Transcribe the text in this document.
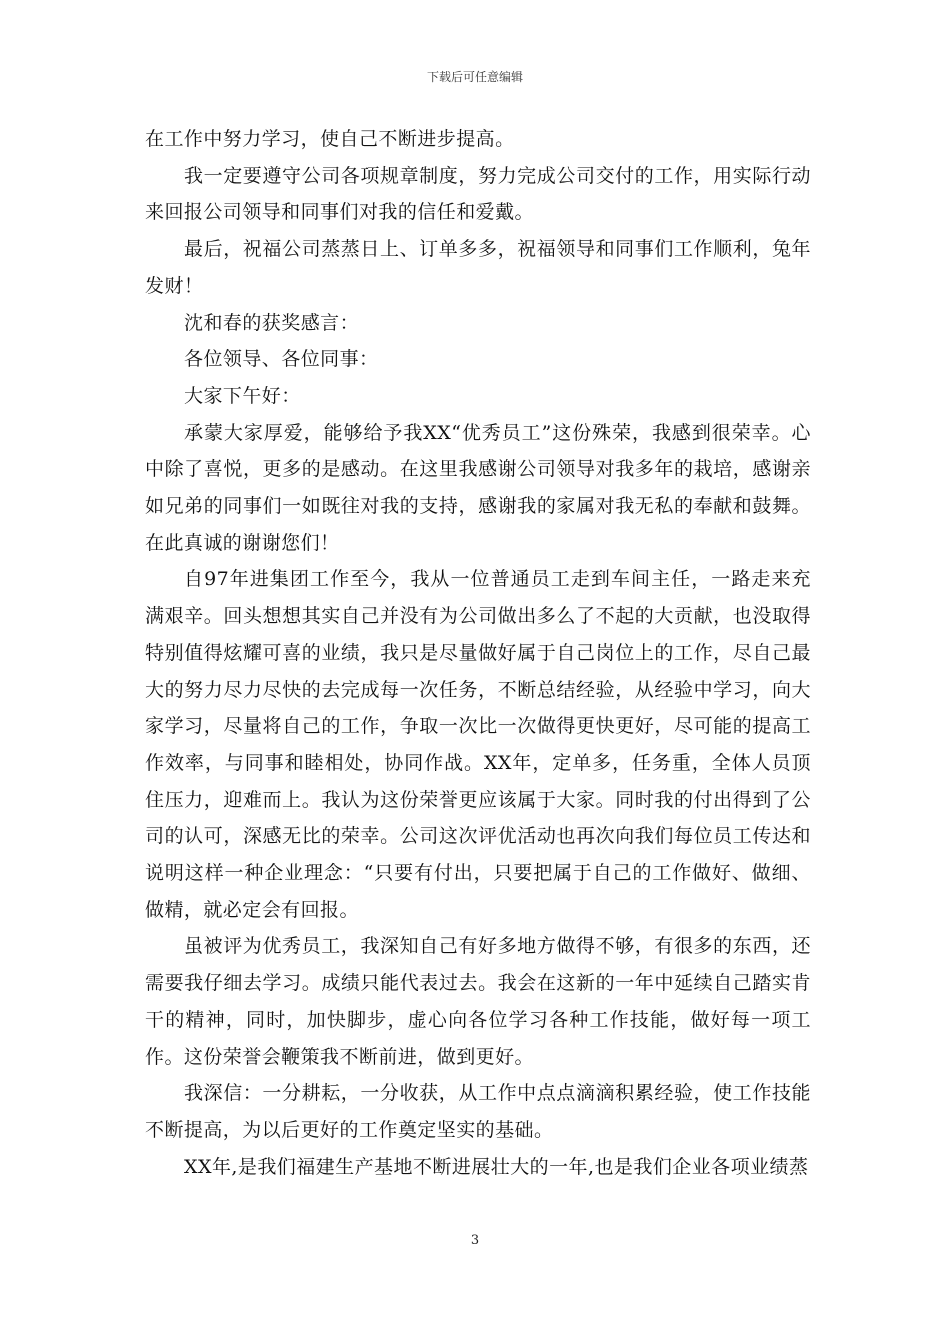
下载后可任意编辑

在工作中努力学习，使自己不断进步提高。

我一定要遵守公司各项规章制度，努力完成公司交付的工作，用实际行动来回报公司领导和同事们对我的信任和爱戴。

最后，祝福公司蒸蒸日上、订单多多，祝福领导和同事们工作顺利，兔年发财！

沈和春的获奖感言：

各位领导、各位同事：

大家下午好：

承蒙大家厚爱，能够给予我XX“优秀员工”这份殊荣，我感到很荣幸。心中除了喜悦，更多的是感动。在这里我感谢公司领导对我多年的栽培，感谢亲如兄弟的同事们一如既往对我的支持，感谢我的家属对我无私的奉献和鼓舞。在此真诚的谢谢您们！

自97年进集团工作至今，我从一位普通员工走到车间主任，一路走来充满艰辛。回头想想其实自己并没有为公司做出多么了不起的大贡献，也没取得特别值得炫耀可喜的业绩，我只是尽量做好属于自己岗位上的工作，尽自己最大的努力尽力尽快的去完成每一次任务，不断总结经验，从经验中学习，向大家学习，尽量将自己的工作，争取一次比一次做得更快更好，尽可能的提高工作效率，与同事和睦相处，协同作战。XX年，定单多，任务重，全体人员顶住压力，迎难而上。我认为这份荣誉更应该属于大家。同时我的付出得到了公司的认可，深感无比的荣幸。公司这次评优活动也再次向我们每位员工传达和说明这样一种企业理念：“只要有付出，只要把属于自己的工作做好、做细、做精，就必定会有回报。

虽被评为优秀员工，我深知自己有好多地方做得不够，有很多的东西，还需要我仔细去学习。成绩只能代表过去。我会在这新的一年中延续自己踏实肯干的精神，同时，加快脚步，虚心向各位学习各种工作技能，做好每一项工作。这份荣誉会鞭策我不断前进，做到更好。

我深信：一分耕耘，一分收获，从工作中点点滴滴积累经验，使工作技能不断提高，为以后更好的工作奠定坚实的基础。

XX年,是我们福建生产基地不断进展壮大的一年,也是我们企业各项业绩蒸

3
